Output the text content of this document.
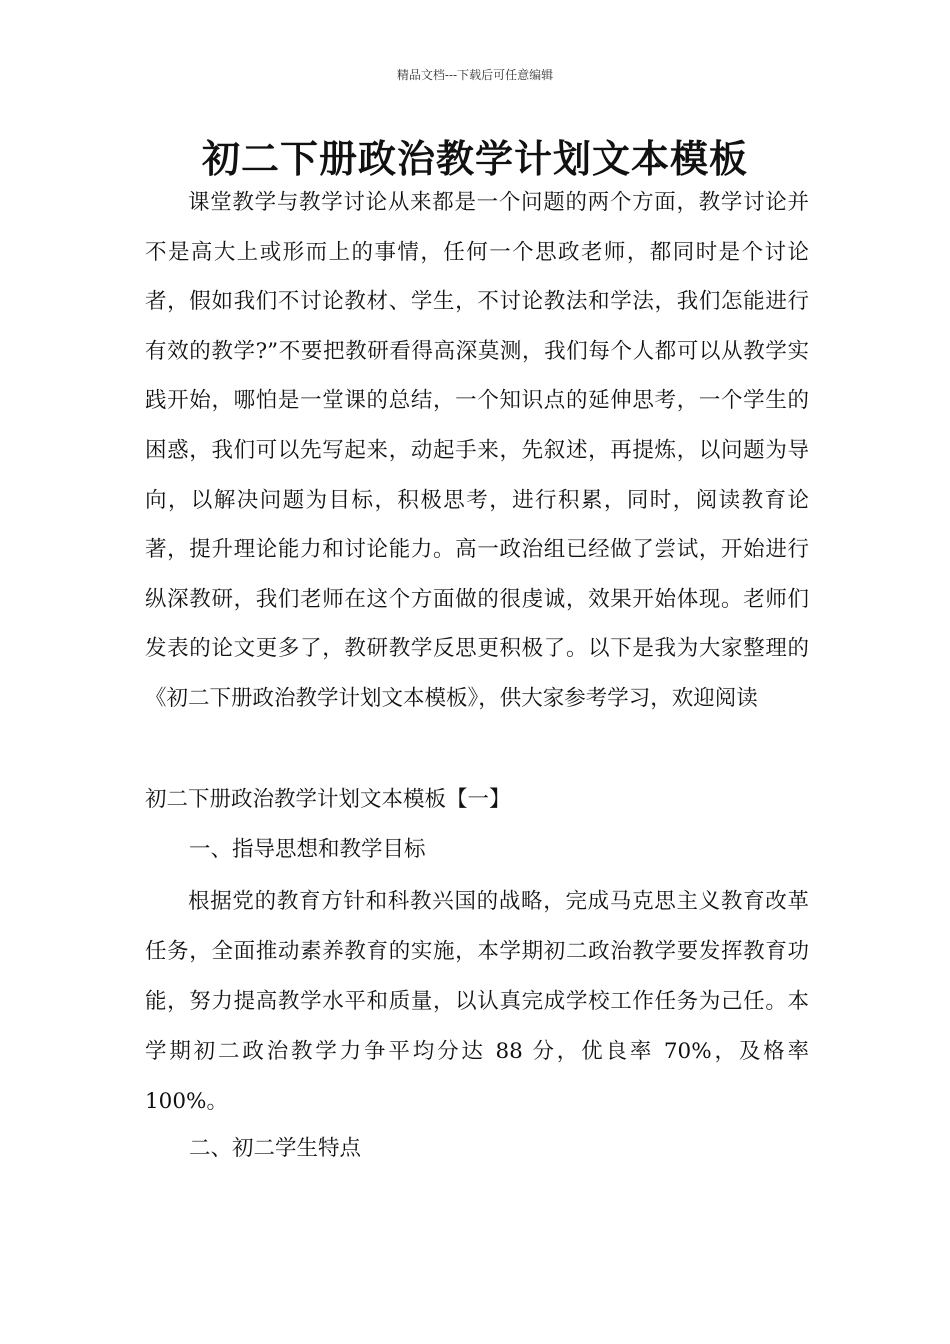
精品文档---下载后可任意编辑
初二下册政治教学计划文本模板
课堂教学与教学讨论从来都是一个问题的两个方面，教学讨论并不是高大上或形而上的事情，任何一个思政老师，都同时是个讨论者，假如我们不讨论教材、学生，不讨论教法和学法，我们怎能进行有效的教学?”不要把教研看得高深莫测，我们每个人都可以从教学实践开始，哪怕是一堂课的总结，一个知识点的延伸思考，一个学生的困惑，我们可以先写起来，动起手来，先叙述，再提炼，以问题为导向，以解决问题为目标，积极思考，进行积累，同时，阅读教育论著，提升理论能力和讨论能力。高一政治组已经做了尝试，开始进行纵深教研，我们老师在这个方面做的很虔诚，效果开始体现。老师们发表的论文更多了，教研教学反思更积极了。以下是我为大家整理的《初二下册政治教学计划文本模板》，供大家参考学习，欢迎阅读
初二下册政治教学计划文本模板【一】
一、指导思想和教学目标
根据党的教育方针和科教兴国的战略，完成马克思主义教育改革任务，全面推动素养教育的实施，本学期初二政治教学要发挥教育功能，努力提高教学水平和质量，以认真完成学校工作任务为己任。本学期初二政治教学力争平均分达 88 分，优良率 70%，及格率100%。
二、初二学生特点
